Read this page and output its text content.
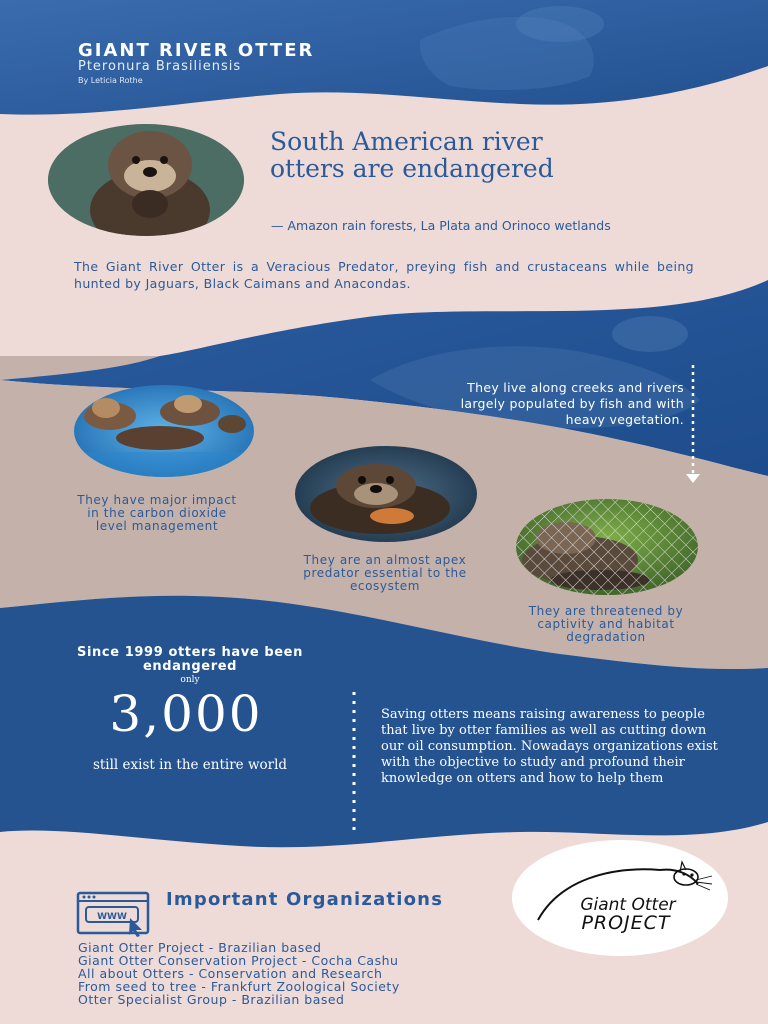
WWW
GIANT RIVER OTTER
Pteronura Brasiliensis
By Leticia Rothe
South American river otters are endangered
— Amazon rain forests, La Plata and Orinoco wetlands
The Giant River Otter is a Veracious Predator, preying fish and crustaceans while being hunted by Jaguars, Black Caimans and Anacondas.
They live along creeks and rivers largely populated by fish and with heavy vegetation.
They have major impact in the carbon dioxide level management
They are an almost apex predator essential to the ecosystem
They are threatened by captivity and habitat degradation
Since 1999 otters have been endangered
only
3,000
still exist in the entire world
Saving otters means raising awareness to people that live by otter families as well as cutting down our oil consumption. Nowadays organizations exist with the objective to study and profound their knowledge on otters and how to help them
Important Organizations
Giant Otter Project - Brazilian based
Giant Otter Conservation Project - Cocha Cashu
All about Otters - Conservation and Research
From seed to tree - Frankfurt Zoological Society
Otter Specialist Group - Brazilian based
Giant Otter
PROJECT
